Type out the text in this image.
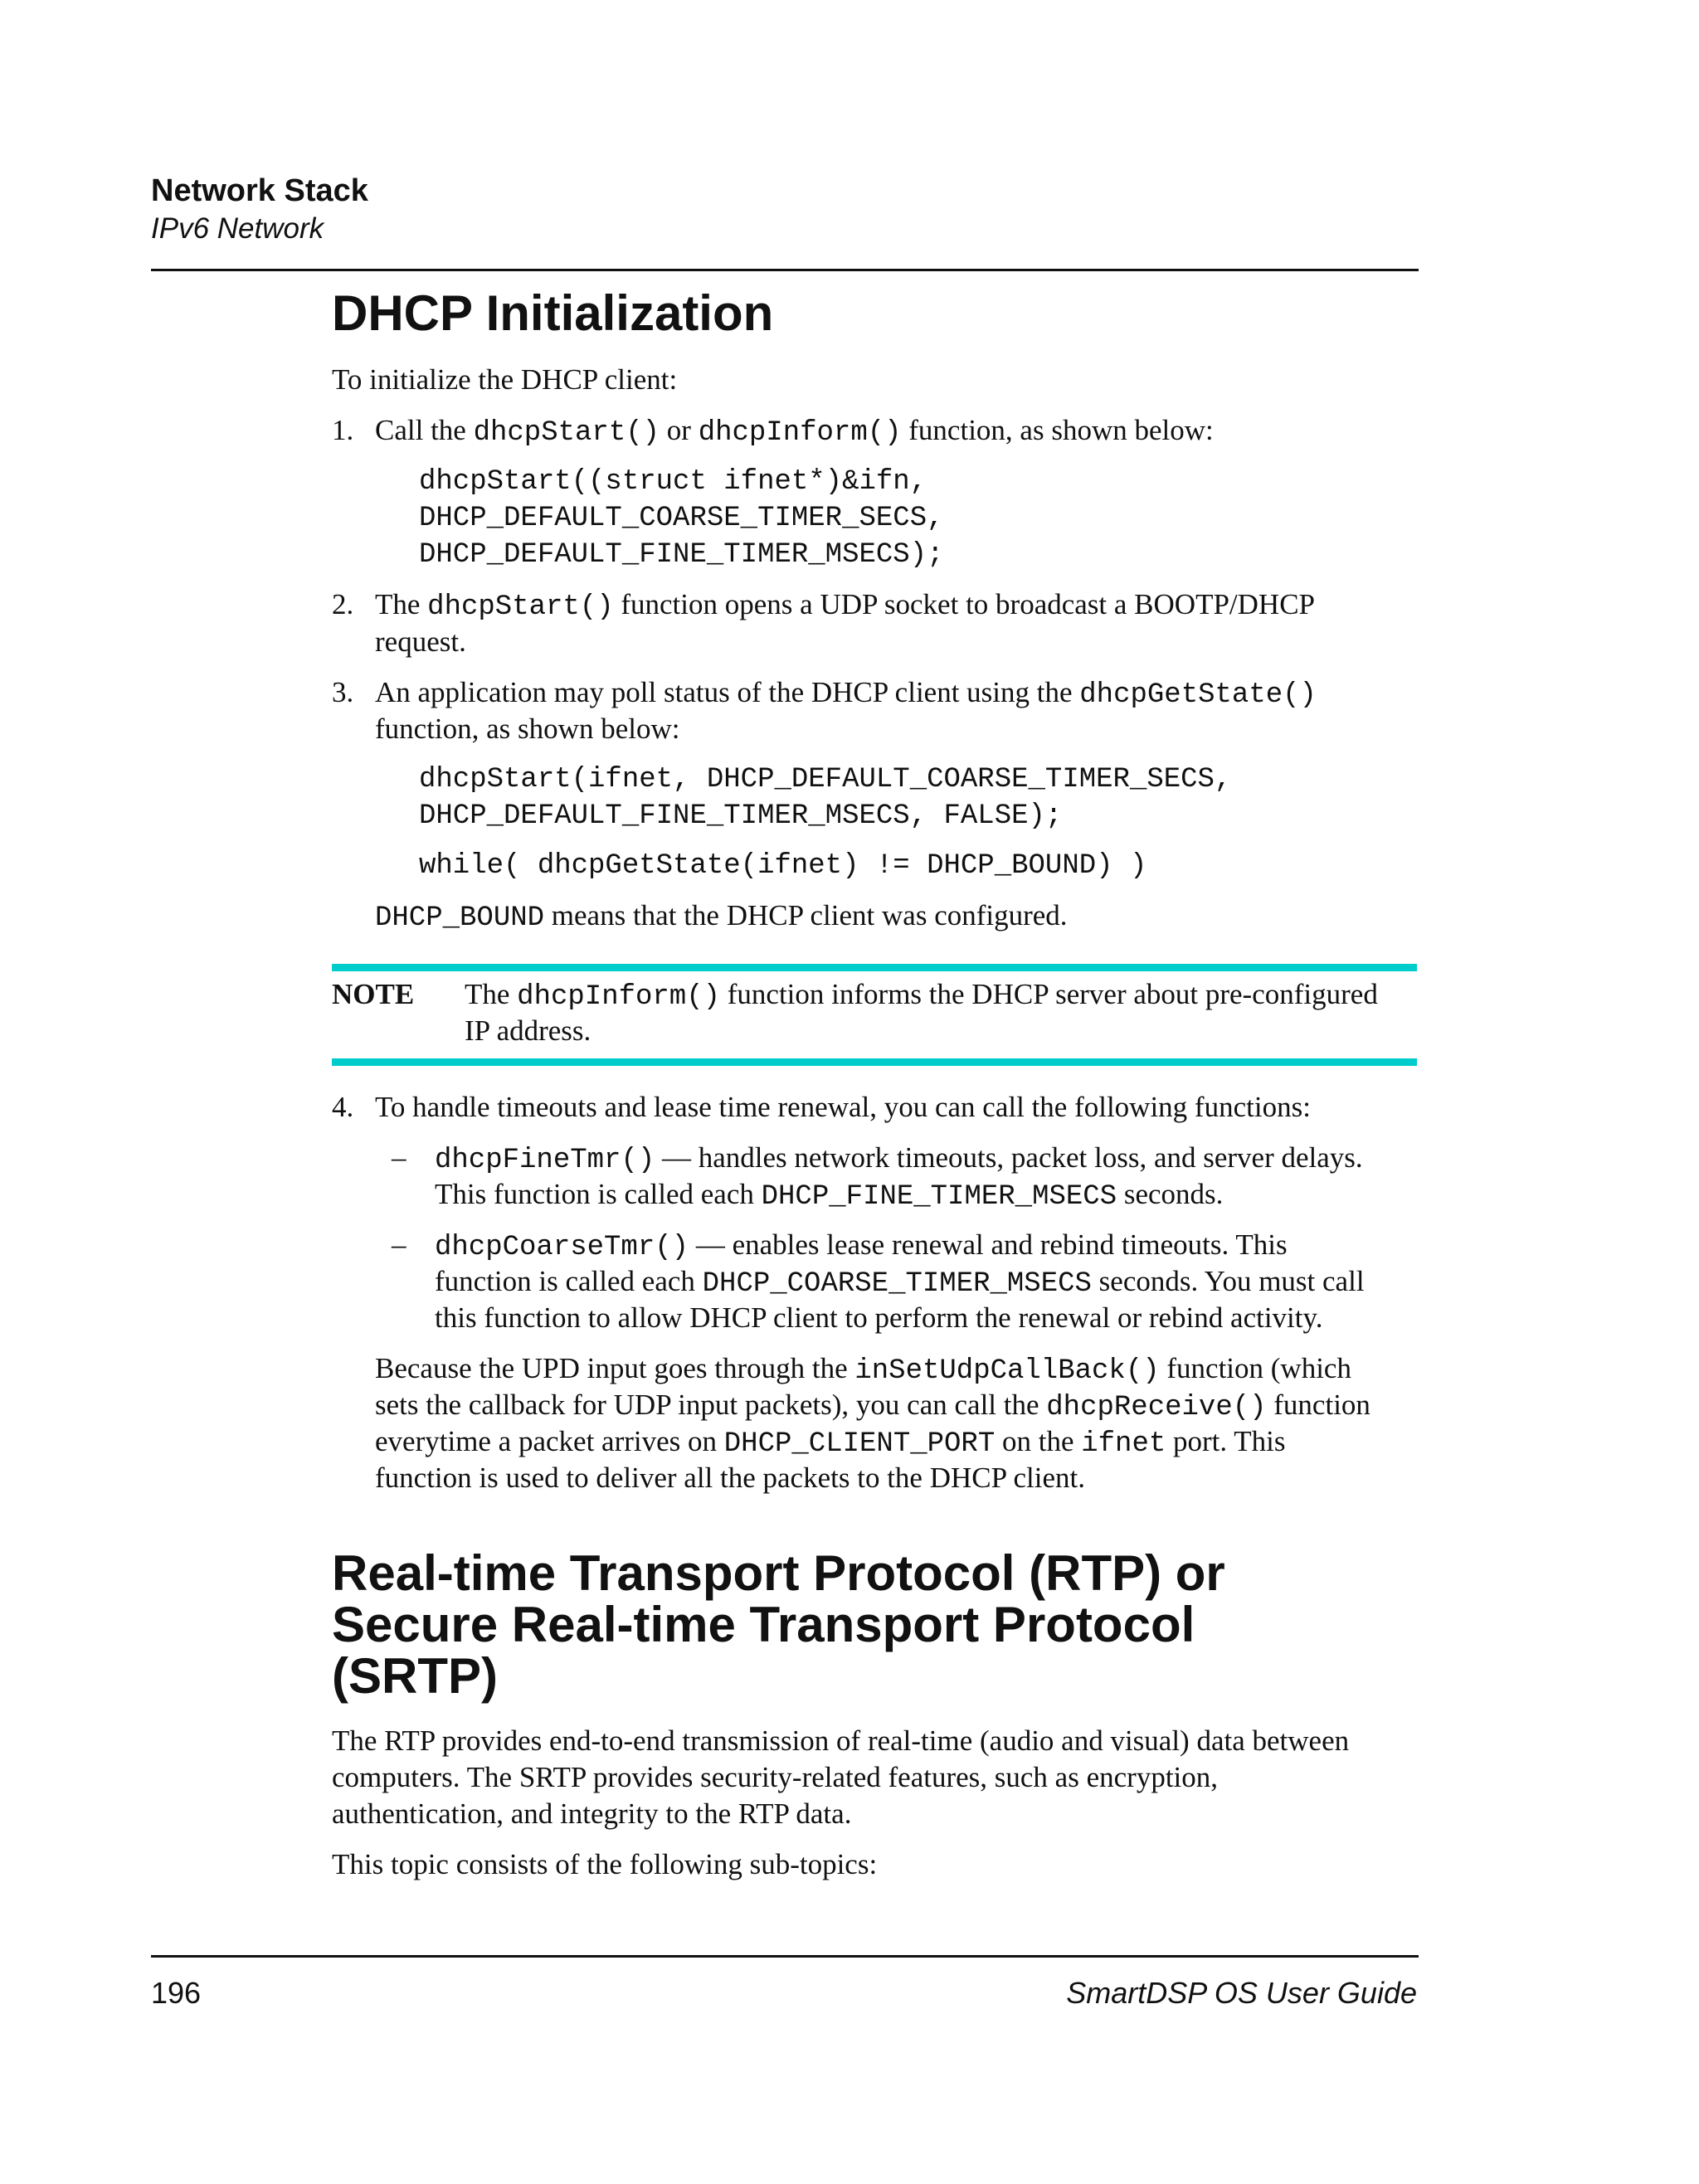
Network Stack
IPv6 Network
DHCP Initialization
To initialize the DHCP client:
1. Call the dhcpStart() or dhcpInform() function, as shown below:
dhcpStart((struct ifnet*)&ifn,
DHCP_DEFAULT_COARSE_TIMER_SECS,
DHCP_DEFAULT_FINE_TIMER_MSECS);
2. The dhcpStart() function opens a UDP socket to broadcast a BOOTP/DHCP
request.
3. An application may poll status of the DHCP client using the dhcpGetState()
function, as shown below:
dhcpStart(ifnet, DHCP_DEFAULT_COARSE_TIMER_SECS,
DHCP_DEFAULT_FINE_TIMER_MSECS, FALSE);
while( dhcpGetState(ifnet) != DHCP_BOUND) )
DHCP_BOUND means that the DHCP client was configured.
NOTE The dhcpInform() function informs the DHCP server about pre-configured
IP address.
4. To handle timeouts and lease time renewal, you can call the following functions:
– dhcpFineTmr() — handles network timeouts, packet loss, and server delays.
This function is called each DHCP_FINE_TIMER_MSECS seconds.
– dhcpCoarseTmr() — enables lease renewal and rebind timeouts. This
function is called each DHCP_COARSE_TIMER_MSECS seconds. You must call
this function to allow DHCP client to perform the renewal or rebind activity.
Because the UPD input goes through the inSetUdpCallBack() function (which
sets the callback for UDP input packets), you can call the dhcpReceive() function
everytime a packet arrives on DHCP_CLIENT_PORT on the ifnet port. This
function is used to deliver all the packets to the DHCP client.
Real-time Transport Protocol (RTP) or
Secure Real-time Transport Protocol
(SRTP)
The RTP provides end-to-end transmission of real-time (audio and visual) data between
computers. The SRTP provides security-related features, such as encryption,
authentication, and integrity to the RTP data.
This topic consists of the following sub-topics:
196	SmartDSP OS User Guide
